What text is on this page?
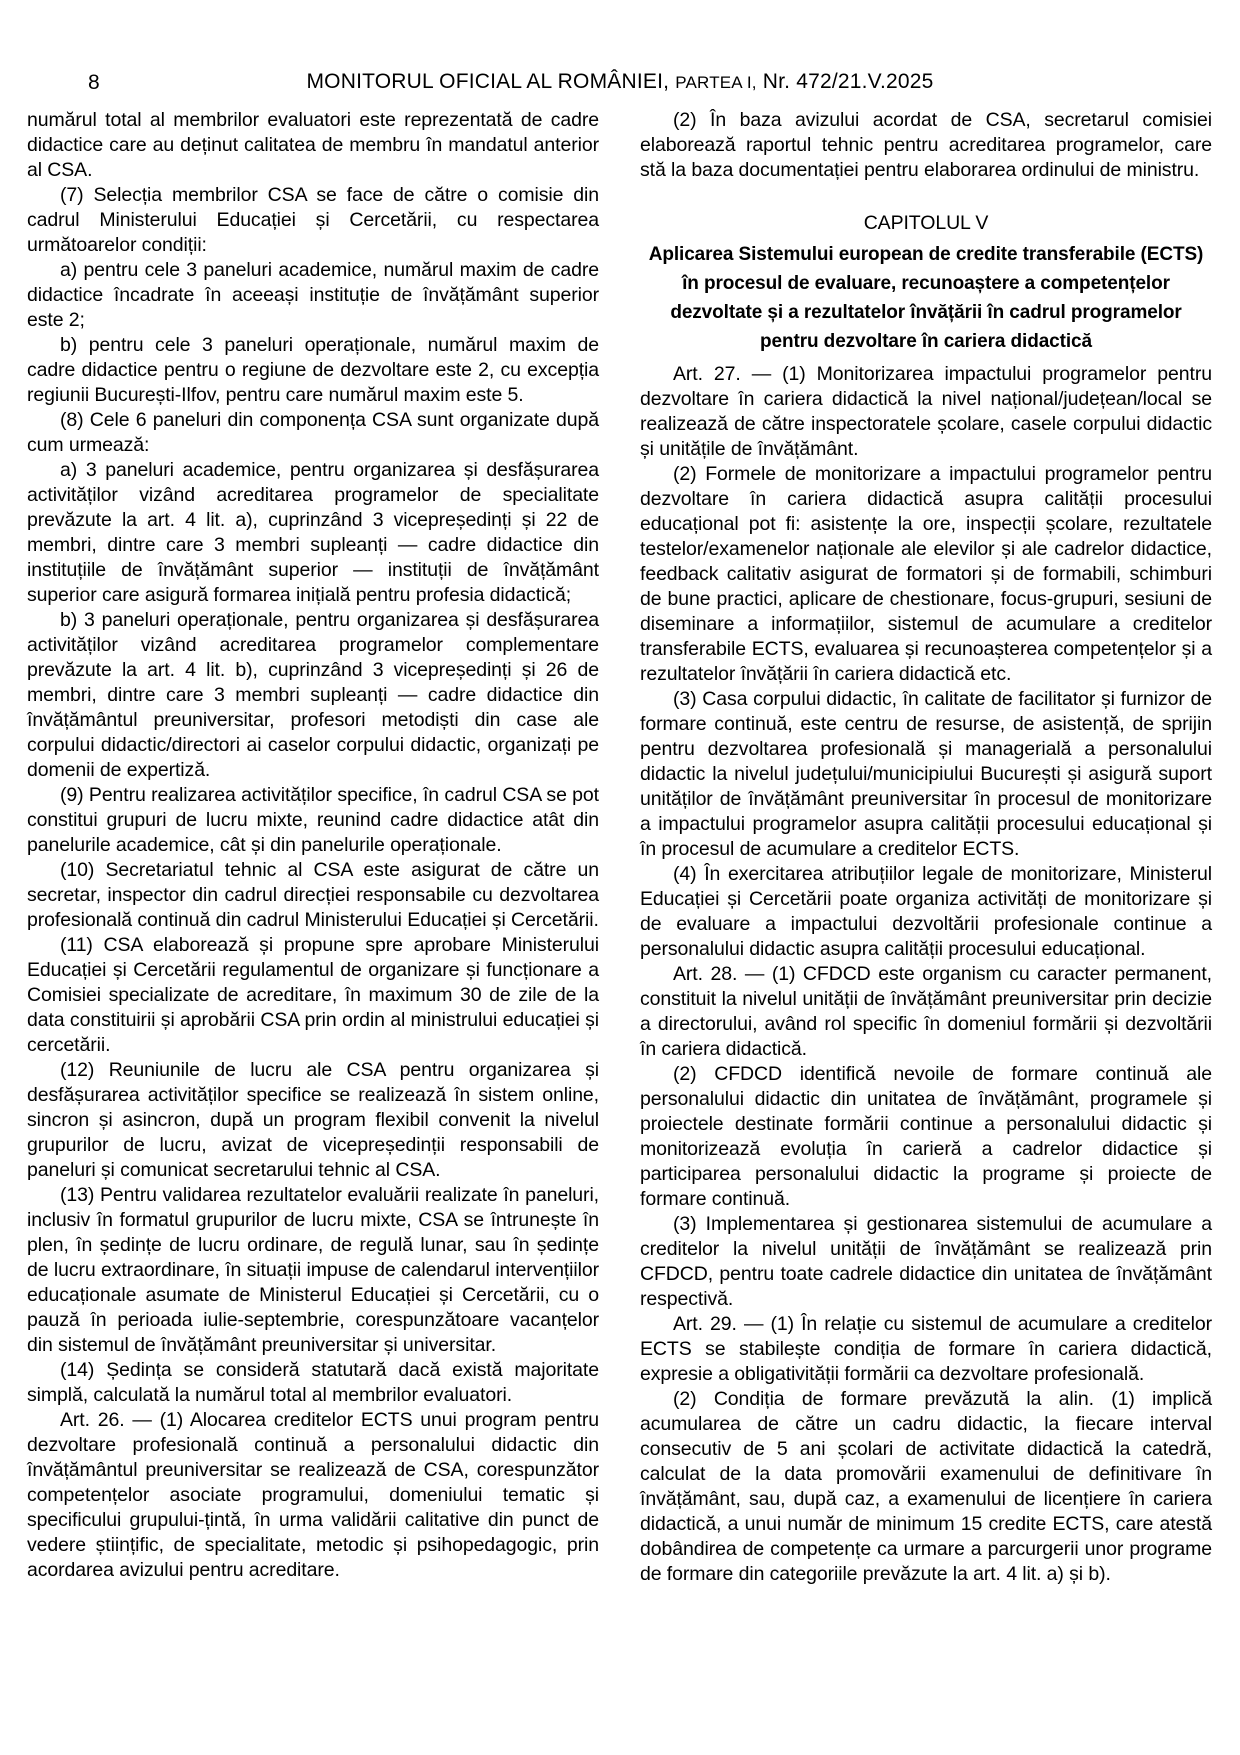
8	MONITORUL OFICIAL AL ROMÂNIEI, PARTEA I, Nr. 472/21.V.2025

numărul total al membrilor evaluatori este reprezentată de cadre didactice care au deținut calitatea de membru în mandatul anterior al CSA.

(7) Selecția membrilor CSA se face de către o comisie din cadrul Ministerului Educației și Cercetării, cu respectarea următoarelor condiții:

a) pentru cele 3 paneluri academice, numărul maxim de cadre didactice încadrate în aceeași instituție de învățământ superior este 2;

b) pentru cele 3 paneluri operaționale, numărul maxim de cadre didactice pentru o regiune de dezvoltare este 2, cu excepția regiunii București-Ilfov, pentru care numărul maxim este 5.

(8) Cele 6 paneluri din componența CSA sunt organizate după cum urmează:

a) 3 paneluri academice, pentru organizarea și desfășurarea activităților vizând acreditarea programelor de specialitate prevăzute la art. 4 lit. a), cuprinzând 3 vicepreședinți și 22 de membri, dintre care 3 membri supleanți — cadre didactice din instituțiile de învățământ superior — instituții de învățământ superior care asigură formarea inițială pentru profesia didactică;

b) 3 paneluri operaționale, pentru organizarea și desfășurarea activităților vizând acreditarea programelor complementare prevăzute la art. 4 lit. b), cuprinzând 3 vicepreședinți și 26 de membri, dintre care 3 membri supleanți — cadre didactice din învățământul preuniversitar, profesori metodiști din case ale corpului didactic/directori ai caselor corpului didactic, organizați pe domenii de expertiză.

(9) Pentru realizarea activităților specifice, în cadrul CSA se pot constitui grupuri de lucru mixte, reunind cadre didactice atât din panelurile academice, cât și din panelurile operaționale.

(10) Secretariatul tehnic al CSA este asigurat de către un secretar, inspector din cadrul direcției responsabile cu dezvoltarea profesională continuă din cadrul Ministerului Educației și Cercetării.

(11) CSA elaborează și propune spre aprobare Ministerului Educației și Cercetării regulamentul de organizare și funcționare a Comisiei specializate de acreditare, în maximum 30 de zile de la data constituirii și aprobării CSA prin ordin al ministrului educației și cercetării.

(12) Reuniunile de lucru ale CSA pentru organizarea și desfășurarea activităților specifice se realizează în sistem online, sincron și asincron, după un program flexibil convenit la nivelul grupurilor de lucru, avizat de vicepreședinții responsabili de paneluri și comunicat secretarului tehnic al CSA.

(13) Pentru validarea rezultatelor evaluării realizate în paneluri, inclusiv în formatul grupurilor de lucru mixte, CSA se întrunește în plen, în ședințe de lucru ordinare, de regulă lunar, sau în ședințe de lucru extraordinare, în situații impuse de calendarul intervențiilor educaționale asumate de Ministerul Educației și Cercetării, cu o pauză în perioada iulie-septembrie, corespunzătoare vacanțelor din sistemul de învățământ preuniversitar și universitar.

(14) Ședința se consideră statutară dacă există majoritate simplă, calculată la numărul total al membrilor evaluatori.

Art. 26. — (1) Alocarea creditelor ECTS unui program pentru dezvoltare profesională continuă a personalului didactic din învățământul preuniversitar se realizează de CSA, corespunzător competențelor asociate programului, domeniului tematic și specificului grupului-țintă, în urma validării calitative din punct de vedere științific, de specialitate, metodic și psihopedagogic, prin acordarea avizului pentru acreditare.

(2) În baza avizului acordat de CSA, secretarul comisiei elaborează raportul tehnic pentru acreditarea programelor, care stă la baza documentației pentru elaborarea ordinului de ministru.

CAPITOLUL V

Aplicarea Sistemului european de credite transferabile (ECTS) în procesul de evaluare, recunoaștere a competențelor dezvoltate și a rezultatelor învățării în cadrul programelor pentru dezvoltare în cariera didactică

Art. 27. — (1) Monitorizarea impactului programelor pentru dezvoltare în cariera didactică la nivel național/județean/local se realizează de către inspectoratele școlare, casele corpului didactic și unitățile de învățământ.

(2) Formele de monitorizare a impactului programelor pentru dezvoltare în cariera didactică asupra calității procesului educațional pot fi: asistențe la ore, inspecții școlare, rezultatele testelor/examenelor naționale ale elevilor și ale cadrelor didactice, feedback calitativ asigurat de formatori și de formabili, schimburi de bune practici, aplicare de chestionare, focus-grupuri, sesiuni de diseminare a informațiilor, sistemul de acumulare a creditelor transferabile ECTS, evaluarea și recunoașterea competențelor și a rezultatelor învățării în cariera didactică etc.

(3) Casa corpului didactic, în calitate de facilitator și furnizor de formare continuă, este centru de resurse, de asistență, de sprijin pentru dezvoltarea profesională și managerială a personalului didactic la nivelul județului/municipiului București și asigură suport unităților de învățământ preuniversitar în procesul de monitorizare a impactului programelor asupra calității procesului educațional și în procesul de acumulare a creditelor ECTS.

(4) În exercitarea atribuțiilor legale de monitorizare, Ministerul Educației și Cercetării poate organiza activități de monitorizare și de evaluare a impactului dezvoltării profesionale continue a personalului didactic asupra calității procesului educațional.

Art. 28. — (1) CFDCD este organism cu caracter permanent, constituit la nivelul unității de învățământ preuniversitar prin decizie a directorului, având rol specific în domeniul formării și dezvoltării în cariera didactică.

(2) CFDCD identifică nevoile de formare continuă ale personalului didactic din unitatea de învățământ, programele și proiectele destinate formării continue a personalului didactic și monitorizează evoluția în carieră a cadrelor didactice și participarea personalului didactic la programe și proiecte de formare continuă.

(3) Implementarea și gestionarea sistemului de acumulare a creditelor la nivelul unității de învățământ se realizează prin CFDCD, pentru toate cadrele didactice din unitatea de învățământ respectivă.

Art. 29. — (1) În relație cu sistemul de acumulare a creditelor ECTS se stabilește condiția de formare în cariera didactică, expresie a obligativității formării ca dezvoltare profesională.

(2) Condiția de formare prevăzută la alin. (1) implică acumularea de către un cadru didactic, la fiecare interval consecutiv de 5 ani școlari de activitate didactică la catedră, calculat de la data promovării examenului de definitivare în învățământ, sau, după caz, a examenului de licențiere în cariera didactică, a unui număr de minimum 15 credite ECTS, care atestă dobândirea de competențe ca urmare a parcurgerii unor programe de formare din categoriile prevăzute la art. 4 lit. a) și b).
